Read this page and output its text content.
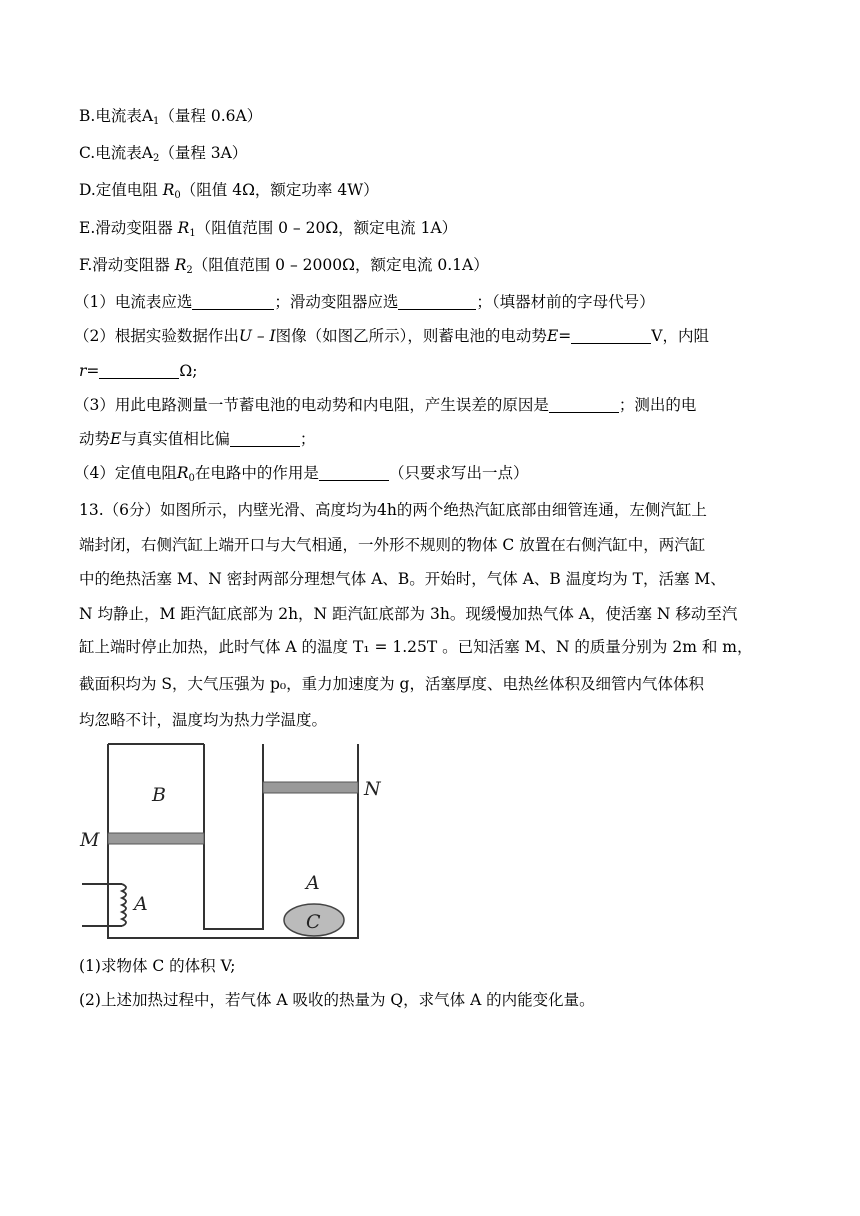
B.电流表$A_1$（量程 0.6A）
C.电流表$A_2$（量程 3A）
D.定值电阻 $R_0$（阻值 4Ω，额定功率 4W）
E.滑动变阻器 $R_1$（阻值范围 0 – 20Ω，额定电流 1A）
F.滑动变阻器 $R_2$（阻值范围 0 – 2000Ω，额定电流 0.1A）
（1）电流表应选	；滑动变阻器应选	；（填器材前的字母代号）
（2）根据实验数据作出U – I图像（如图乙所示），则蓄电池的电动势E=	V，内阻
r=	Ω;
（3）用此电路测量一节蓄电池的电动势和内电阻，产生误差的原因是	；测出的电
动势E与真实值相比偏	；
（4）定值电阻$R_0$在电路中的作用是	（只要求写出一点）
13.（6分）如图所示，内壁光滑、高度均为4h的两个绝热汽缸底部由细管连通，左侧汽缸上
端封闭，右侧汽缸上端开口与大气相通，一外形不规则的物体 C 放置在右侧汽缸中，两汽缸
中的绝热活塞 M、N 密封两部分理想气体 A、B。开始时，气体 A、B 温度均为 T，活塞 M、
N 均静止，M 距汽缸底部为 2h，N 距汽缸底部为 3h。现缓慢加热气体 A，使活塞 N 移动至汽
缸上端时停止加热，此时气体 A 的温度 T₁ = 1.25T 。已知活塞 M、N 的质量分别为 2m 和 m，
截面积均为 S，大气压强为 p₀，重力加速度为 g，活塞厚度、电热丝体积及细管内气体体积
均忽略不计，温度均为热力学温度。
B
M
N
A
A
C
(1)求物体 C 的体积 V;
(2)上述加热过程中，若气体 A 吸收的热量为 Q，求气体 A 的内能变化量。
